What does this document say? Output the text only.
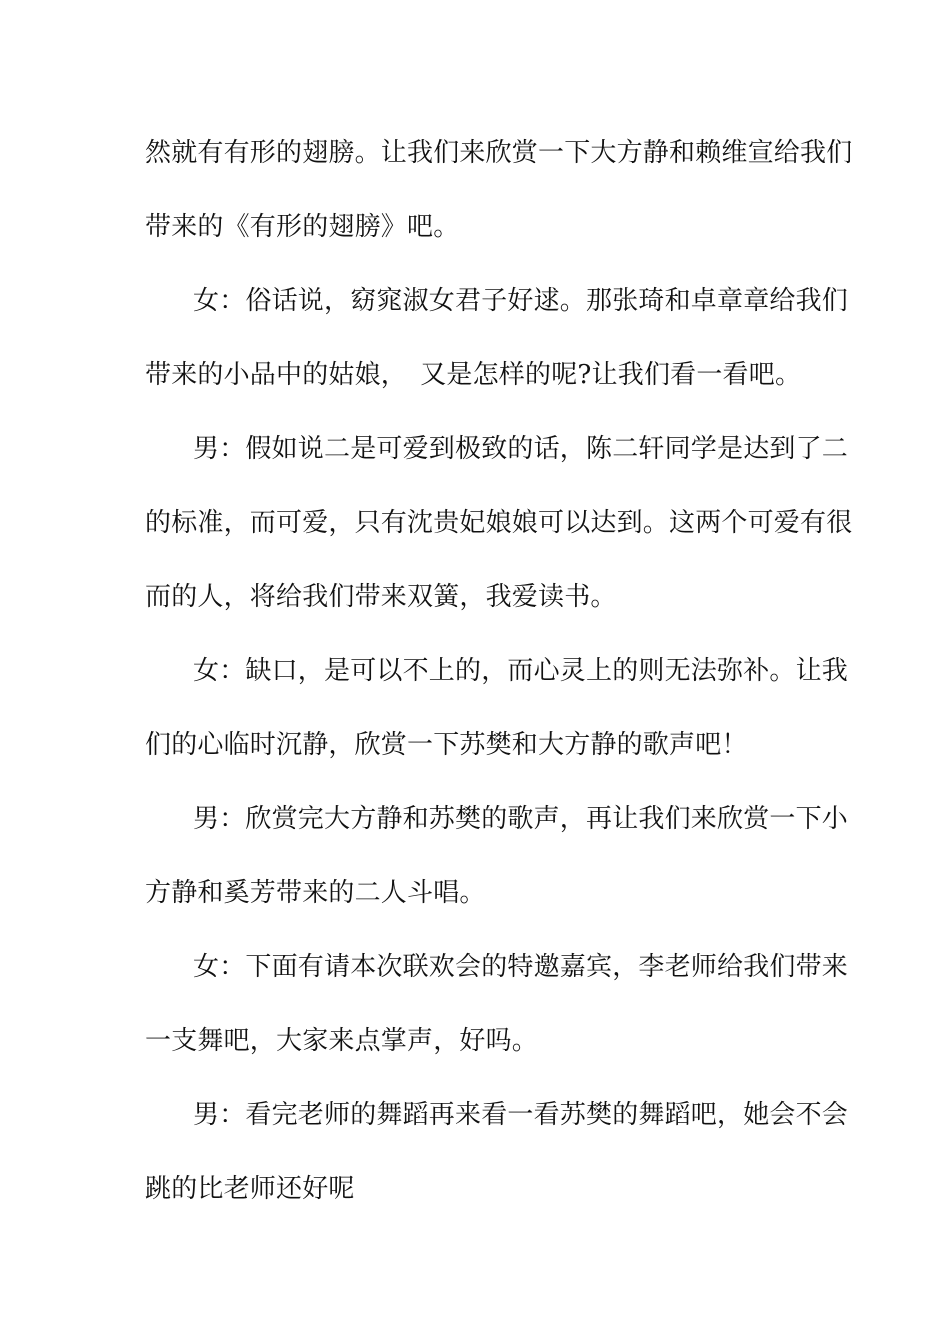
然就有有形的翅膀。让我们来欣赏一下大方静和赖维宣给我们
带来的《有形的翅膀》吧。
女：俗话说，窈窕淑女君子好逑。那张琦和卓章章给我们
带来的小品中的姑娘，　又是怎样的呢?让我们看一看吧。
男：假如说二是可爱到极致的话，陈二轩同学是达到了二
的标准，而可爱，只有沈贵妃娘娘可以达到。这两个可爱有很
而的人，将给我们带来双簧，我爱读书。
女：缺口，是可以不上的，而心灵上的则无法弥补。让我
们的心临时沉静，欣赏一下苏樊和大方静的歌声吧！
男：欣赏完大方静和苏樊的歌声，再让我们来欣赏一下小
方静和奚芳带来的二人斗唱。
女：下面有请本次联欢会的特邀嘉宾，李老师给我们带来
一支舞吧，大家来点掌声，好吗。
男：看完老师的舞蹈再来看一看苏樊的舞蹈吧，她会不会
跳的比老师还好呢
